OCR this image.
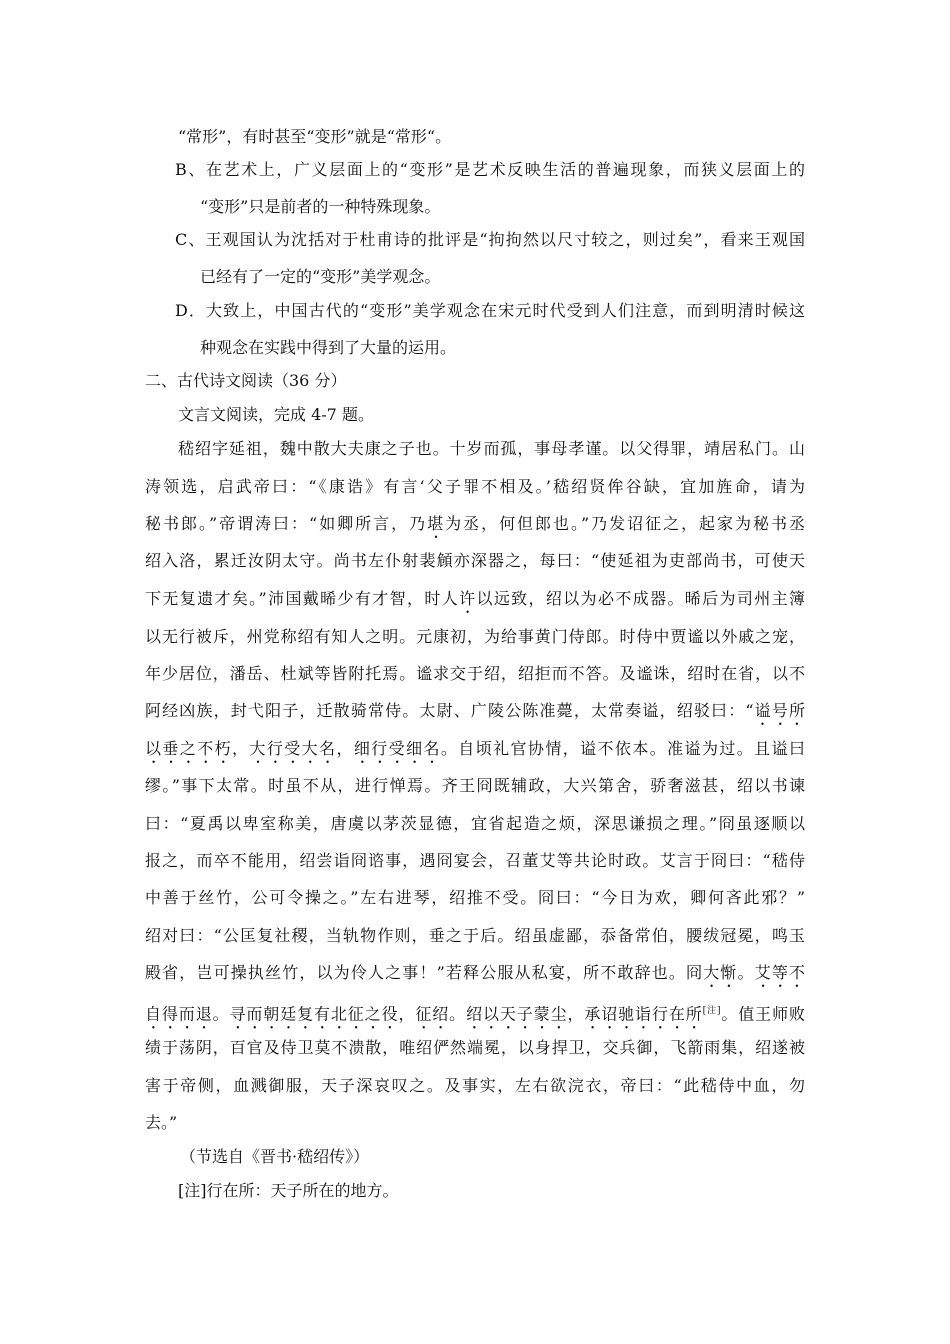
“常形”，有时甚至“变形”就是“常形“。
B、在艺术上，广义层面上的“变形”是艺术反映生活的普遍现象，而狭义层面上的
“变形”只是前者的一种特殊现象。
C、王观国认为沈括对于杜甫诗的批评是“拘拘然以尺寸较之，则过矣”，看来王观国
已经有了一定的“变形”美学观念。
D．大致上，中国古代的“变形”美学观念在宋元时代受到人们注意，而到明清时候这
种观念在实践中得到了大量的运用。
二、古代诗文阅读（36 分）
文言文阅读，完成 4-7 题。
嵇绍字延祖，魏中散大夫康之子也。十岁而孤，事母孝谨。以父得罪，靖居私门。山
涛领选，启武帝曰：“《康诰》有言‘父子罪不相及。’嵇绍贤侔谷缺，宜加旌命，请为
秘书郎。”帝谓涛曰：“如卿所言，乃堪为丞，何但郎也。”乃发诏征之，起家为秘书丞
绍入洛，累迁汝阴太守。尚书左仆射裴頠亦深器之，每曰：“使延祖为吏部尚书，可使天
下无复遗才矣。”沛国戴晞少有才智，时人许以远致，绍以为必不成器。晞后为司州主簿
以无行被斥，州党称绍有知人之明。元康初，为给事黄门侍郎。时侍中贾谧以外戚之宠，
年少居位，潘岳、杜斌等皆附托焉。谧求交于绍，绍拒而不答。及谧诛，绍时在省，以不
阿经凶族，封弋阳子，迁散骑常侍。太尉、广陵公陈准薨，太常奏谥，绍驳曰：“谥号所
以垂之不朽，大行受大名，细行受细名。自顷礼官协情，谥不依本。准谥为过。且谥曰
缪。”事下太常。时虽不从，进行惮焉。齐王冏既辅政，大兴第舍，骄奢滋甚，绍以书谏
曰：“夏禹以卑室称美，唐虞以茅茨显德，宜省起造之烦，深思谦损之理。”冏虽逐顺以
报之，而卒不能用，绍尝诣冏谘事，遇冏宴会，召董艾等共论时政。艾言于冏曰：“嵇侍
中善于丝竹，公可令操之。”左右进琴，绍推不受。冏曰：“今日为欢，卿何吝此邪？”
绍对曰：“公匡复社稷，当轨物作则，垂之于后。绍虽虚鄙，忝备常伯，腰绂冠冕，鸣玉
殿省，岂可操执丝竹，以为伶人之事！”若释公服从私宴，所不敢辞也。冏大惭。艾等不
自得而退。寻而朝廷复有北征之役，征绍。绍以天子蒙尘，承诏驰诣行在所[注]。值王师败
绩于荡阴，百官及侍卫莫不溃散，唯绍俨然端冕，以身捍卫，交兵御，飞箭雨集，绍遂被
害于帝侧，血溅御服，天子深哀叹之。及事实，左右欲浣衣，帝曰：“此嵇侍中血，勿
去。”
（节选自《晋书·嵇绍传》）
[注]行在所：天子所在的地方。
